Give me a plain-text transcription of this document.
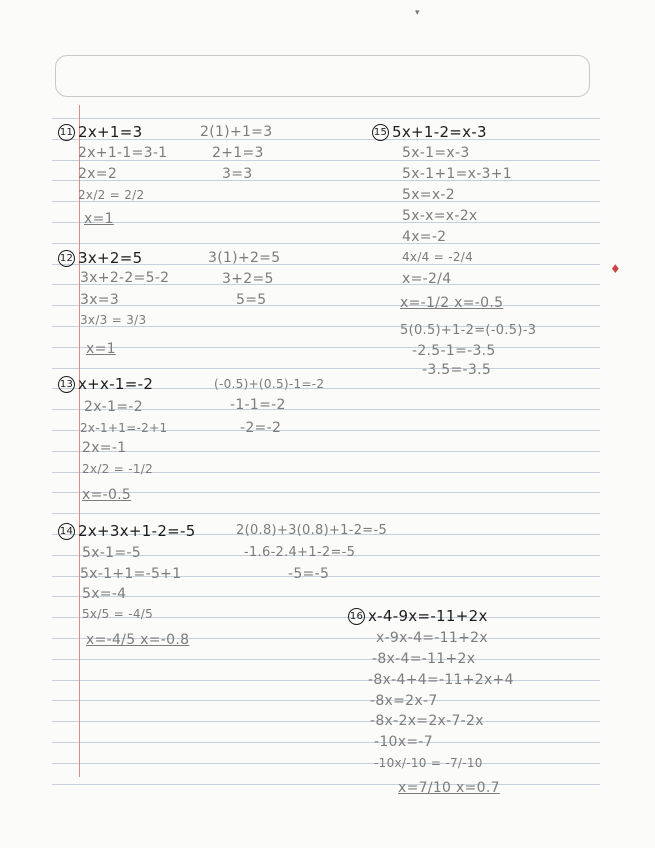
▾
♦
11 2x+1=3
2x+1-1=3-1
2x=2
2x/2 = 2/2
x=1
2(1)+1=3
2+1=3
3=3
12 3x+2=5
3x+2-2=5-2
3x=3
3x/3 = 3/3
x=1
3(1)+2=5
3+2=5
5=5
13 x+x-1=-2
2x-1=-2
2x-1+1=-2+1
2x=-1
2x/2 = -1/2
x=-0.5
(-0.5)+(0.5)-1=-2
-1-1=-2
-2=-2
14 2x+3x+1-2=-5
5x-1=-5
5x-1+1=-5+1
5x=-4
5x/5 = -4/5
x=-4/5 x=-0.8
2(0.8)+3(0.8)+1-2=-5
-1.6-2.4+1-2=-5
-5=-5
15 5x+1-2=x-3
5x-1=x-3
5x-1+1=x-3+1
5x=x-2
5x-x=x-2x
4x=-2
4x/4 = -2/4
x=-2/4
x=-1/2 x=-0.5
5(0.5)+1-2=(-0.5)-3
-2.5-1=-3.5
-3.5=-3.5
16 x-4-9x=-11+2x
x-9x-4=-11+2x
-8x-4=-11+2x
-8x-4+4=-11+2x+4
-8x=2x-7
-8x-2x=2x-7-2x
-10x=-7
-10x/-10 = -7/-10
x=7/10 x=0.7
